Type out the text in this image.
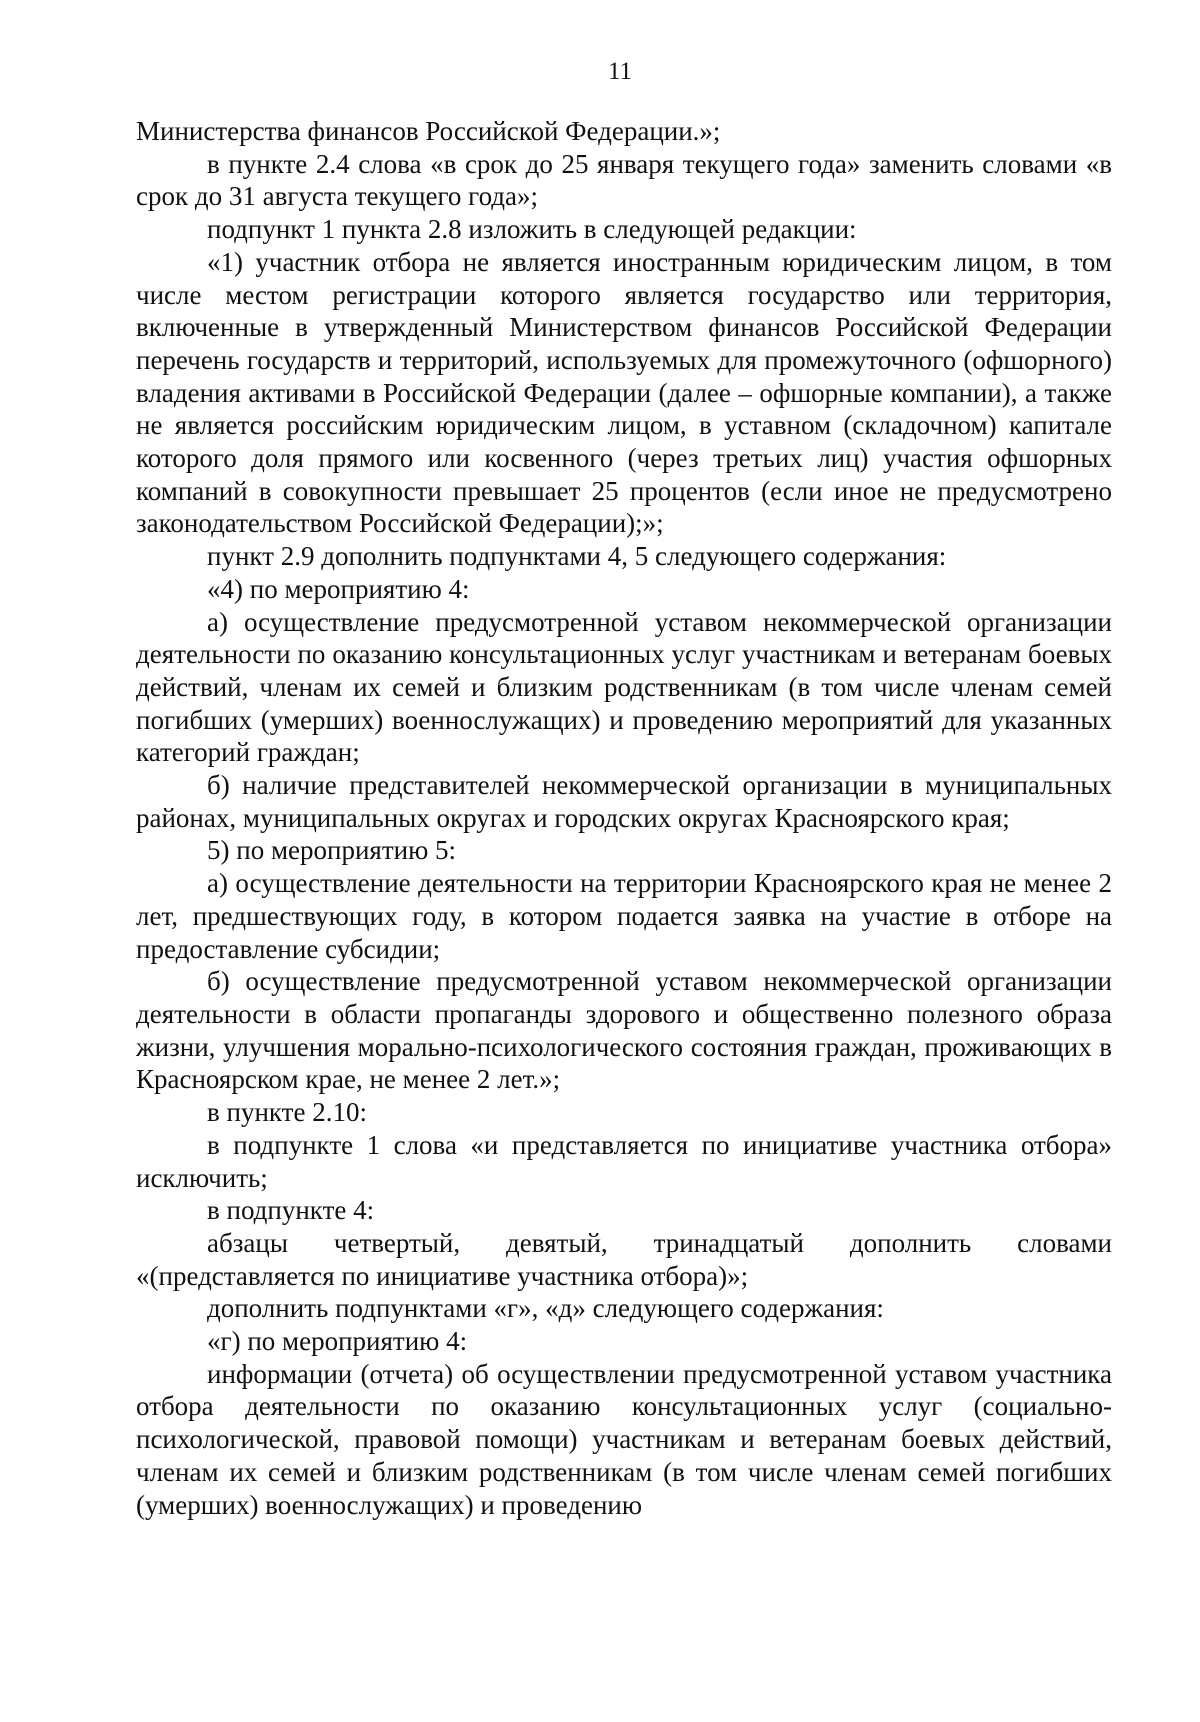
11

Министерства финансов Российской Федерации.»;

в пункте 2.4 слова «в срок до 25 января текущего года» заменить словами «в срок до 31 августа текущего года»;

подпункт 1 пункта 2.8 изложить в следующей редакции:

«1) участник отбора не является иностранным юридическим лицом, в том числе местом регистрации которого является государство или территория, включенные в утвержденный Министерством финансов Российской Федерации перечень государств и территорий, используемых для промежуточного (офшорного) владения активами в Российской Федерации (далее – офшорные компании), а также не является российским юридическим лицом, в уставном (складочном) капитале которого доля прямого или косвенного (через третьих лиц) участия офшорных компаний в совокупности превышает 25 процентов (если иное не предусмотрено законодательством Российской Федерации);»;

пункт 2.9 дополнить подпунктами 4, 5 следующего содержания:

«4) по мероприятию 4:

а) осуществление предусмотренной уставом некоммерческой организации деятельности по оказанию консультационных услуг участникам и ветеранам боевых действий, членам их семей и близким родственникам (в том числе членам семей погибших (умерших) военнослужащих) и проведению мероприятий для указанных категорий граждан;

б) наличие представителей некоммерческой организации в муниципальных районах, муниципальных округах и городских округах Красноярского края;

5) по мероприятию 5:

а) осуществление деятельности на территории Красноярского края не менее 2 лет, предшествующих году, в котором подается заявка на участие в отборе на предоставление субсидии;

б) осуществление предусмотренной уставом некоммерческой организации деятельности в области пропаганды здорового и общественно полезного образа жизни, улучшения морально-психологического состояния граждан, проживающих в Красноярском крае, не менее 2 лет.»;

в пункте 2.10:

в подпункте 1 слова «и представляется по инициативе участника отбора» исключить;

в подпункте 4:

абзацы четвертый, девятый, тринадцатый дополнить словами «(представляется по инициативе участника отбора)»;

дополнить подпунктами «г», «д» следующего содержания:

«г) по мероприятию 4:

информации (отчета) об осуществлении предусмотренной уставом участника отбора деятельности по оказанию консультационных услуг (социально-психологической, правовой помощи) участникам и ветеранам боевых действий, членам их семей и близким родственникам (в том числе членам семей погибших (умерших) военнослужащих) и проведению
